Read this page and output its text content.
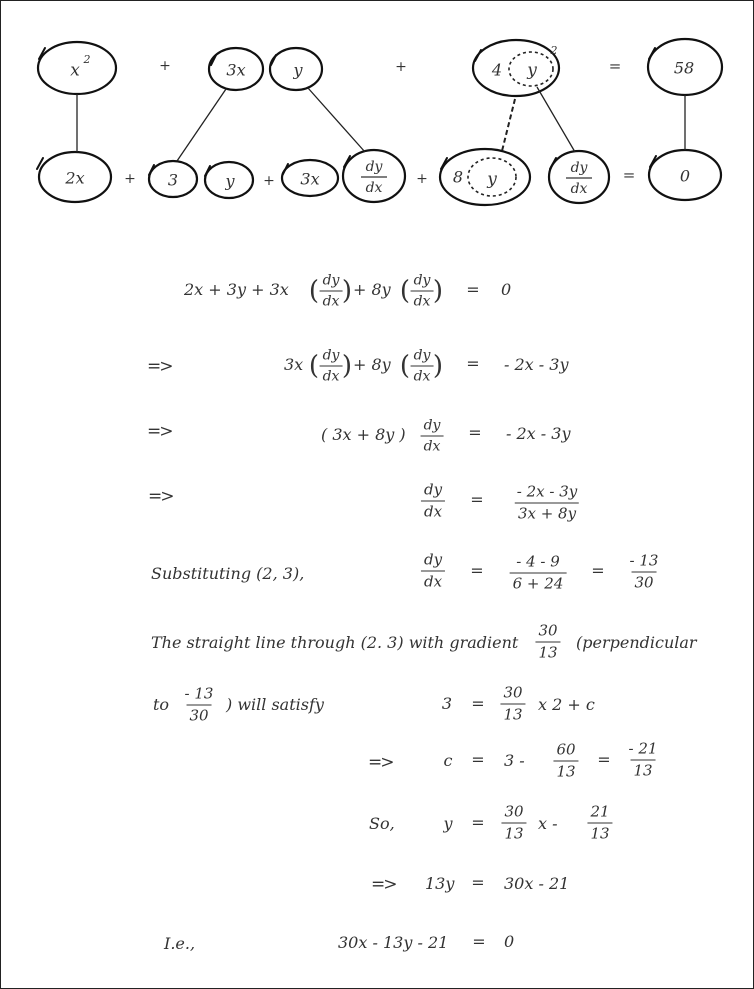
x
2	+	3x	y	+	4 y
2
=	58
2x	+ 3	y + 3x
dy
dx
+ 8 y
dy
dx
=	0
2x + 3y + 3x ( $\frac{dy}{dx}$ ) + 8y ( $\frac{dy}{dx}$ ) = 0
=>	3x ( $\frac{dy}{dx}$ ) + 8y ( $\frac{dy}{dx}$ ) = - 2x - 3y
=>	( 3x + 8y ) $\frac{dy}{dx}$ = - 2x - 3y
=>	$\frac{dy}{dx} = \frac{- 2x - 3y}{3x + 8y}$
Substituting (2, 3),	$\frac{dy}{dx} = \frac{- 4 - 9}{6 + 24} = \frac{- 13}{30}$
The straight line through (2. 3) with gradient $\frac{30}{13}$ (perpendicular
to $\frac{- 13}{30}$ ) will satisfy	$3 = \frac{30}{13}$ x 2 + c
=>	$c = 3 - \frac{60}{13} = \frac{- 21}{13}$
So,	$y = \frac{30}{13}$ x - $\frac{21}{13}$
=> 13y = 30x - 21
I.e.,	30x - 13y - 21 = 0
